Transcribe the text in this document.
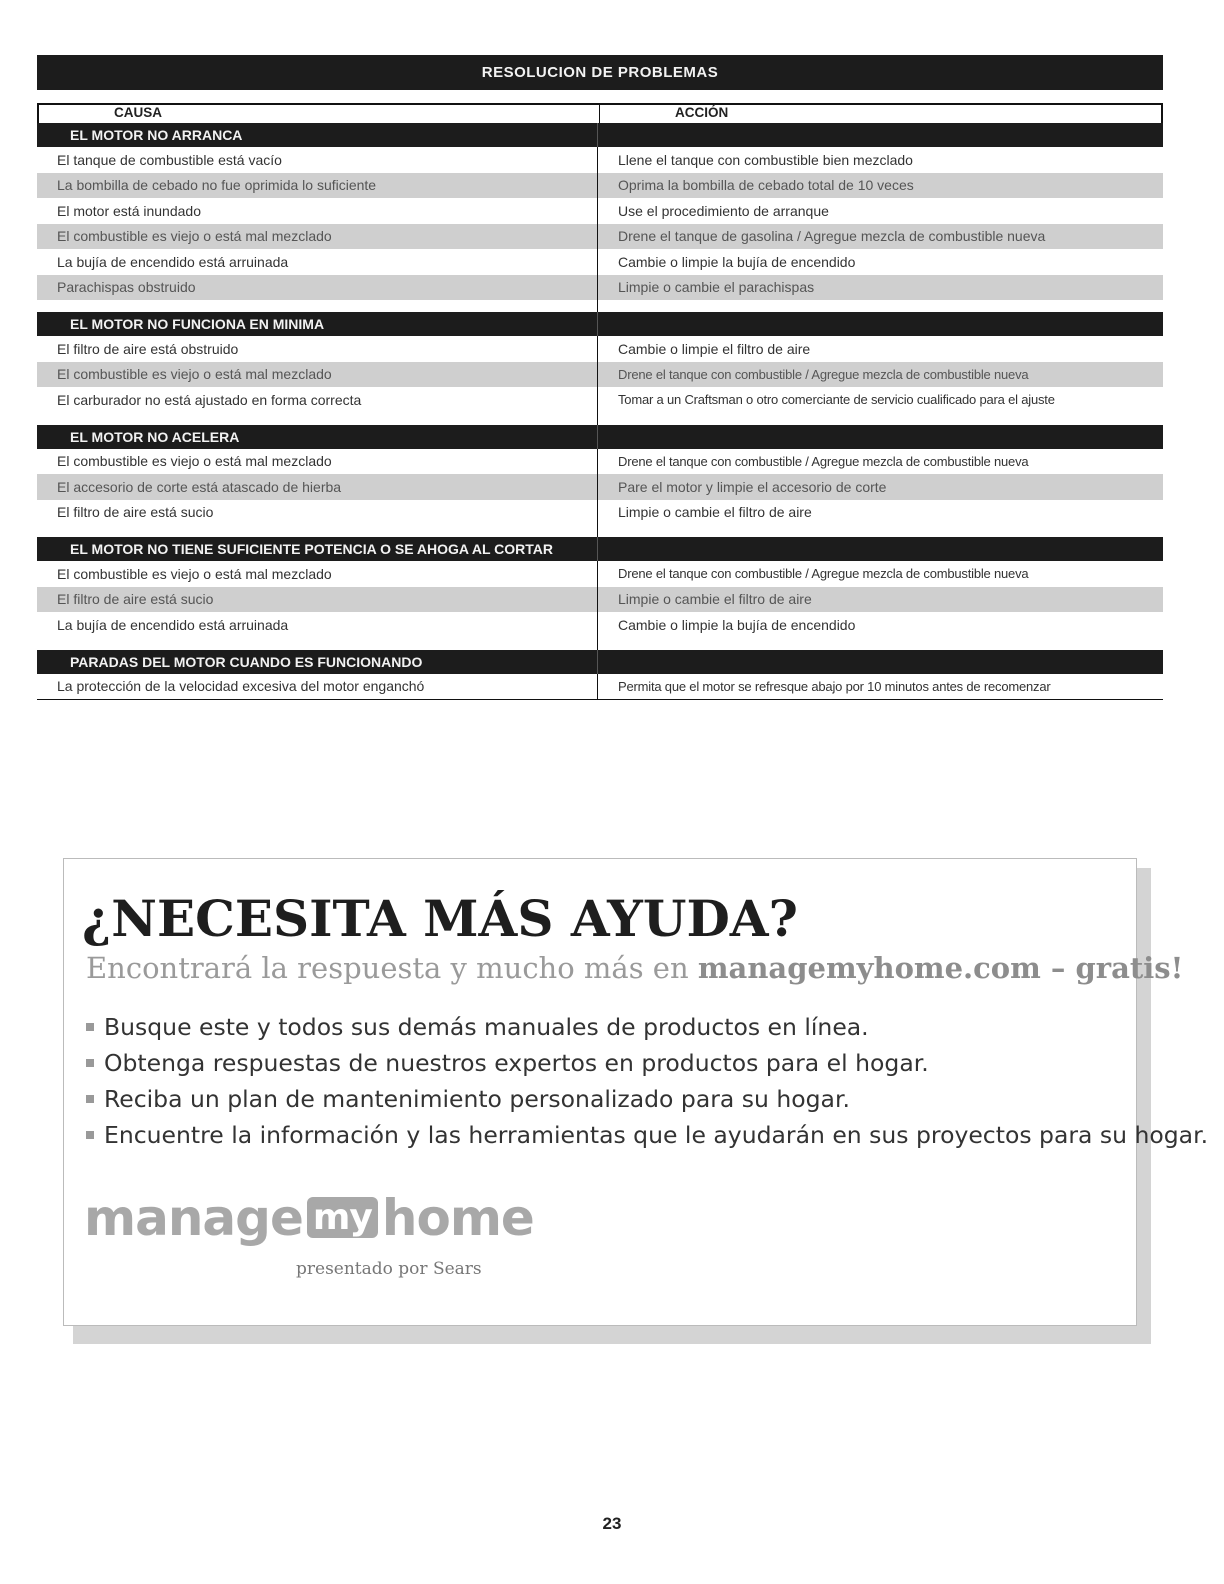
RESOLUCION DE PROBLEMAS
CAUSA	ACCIÓN
EL MOTOR NO ARRANCA
El tanque de combustible está vacío	Llene el tanque con combustible bien mezclado
La bombilla de cebado no fue oprimida lo suficiente	Oprima la bombilla de cebado total de 10 veces
El motor está inundado	Use el procedimiento de arranque
El combustible es viejo o está mal mezclado	Drene el tanque de gasolina / Agregue mezcla de combustible nueva
La bujía de encendido está arruinada	Cambie o limpie la bujía de encendido
Parachispas obstruido	Limpie o cambie el parachispas
EL MOTOR NO FUNCIONA EN MINIMA
El filtro de aire está obstruido	Cambie o limpie el filtro de aire
El combustible es viejo o está mal mezclado	Drene el tanque con combustible / Agregue mezcla de combustible nueva
El carburador no está ajustado en forma correcta	Tomar a un Craftsman o otro comerciante de servicio cualificado para el ajuste
EL MOTOR NO ACELERA
El combustible es viejo o está mal mezclado	Drene el tanque con combustible / Agregue mezcla de combustible nueva
El accesorio de corte está atascado de hierba	Pare el motor y limpie el accesorio de corte
El filtro de aire está sucio	Limpie o cambie el filtro de aire
EL MOTOR NO TIENE SUFICIENTE POTENCIA O SE AHOGA AL CORTAR
El combustible es viejo o está mal mezclado	Drene el tanque con combustible / Agregue mezcla de combustible nueva
El filtro de aire está sucio	Limpie o cambie el filtro de aire
La bujía de encendido está arruinada	Cambie o limpie la bujía de encendido
PARADAS DEL MOTOR CUANDO ES FUNCIONANDO
La protección de la velocidad excesiva del motor enganchó	Permita que el motor se refresque abajo por 10 minutos antes de recomenzar
¿NECESITA MÁS AYUDA?
Encontrará la respuesta y mucho más en managemyhome.com – gratis!
Busque este y todos sus demás manuales de productos en línea.
Obtenga respuestas de nuestros expertos en productos para el hogar.
Reciba un plan de mantenimiento personalizado para su hogar.
Encuentre la información y las herramientas que le ayudarán en sus proyectos para su hogar.
manage my home
presentado por Sears
23
